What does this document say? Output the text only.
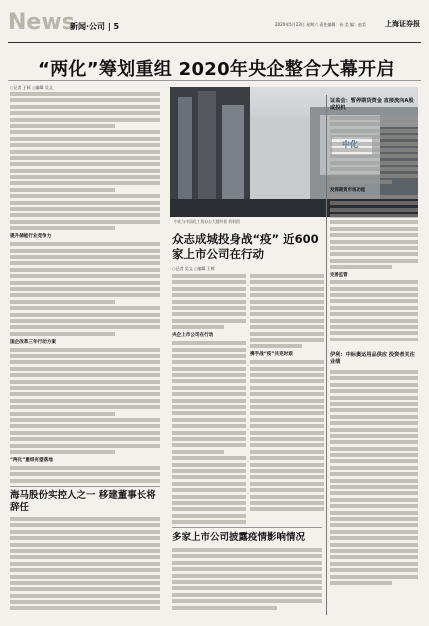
News
新闻·公司 | 5	2020年5月23日 星期六 责任编辑：孙 美 编：赵美	上海证券报
“两化”筹划重组 2020年央企整合大幕开启
○记者 王辉 ○编辑 吴文
提升储能行业竞争力
国企改革三年行动方案
“两化”重组有望落地
中化与中国化工的办公大楼外景 资料图
证监会：暂停期货资金 直接流向A股或投机
众志成城投身战“疫” 近600家上市公司在行动
○记者 吴文 ○编辑 王辉
央企上市公司在行动
携手战“疫”共克时艰
发挥期货市场功能
完善监管
伊利：中标奥运用品供应 投资者关注业绩
海马股份实控人之一 移建董事长将辞任
多家上市公司披露疫情影响情况
